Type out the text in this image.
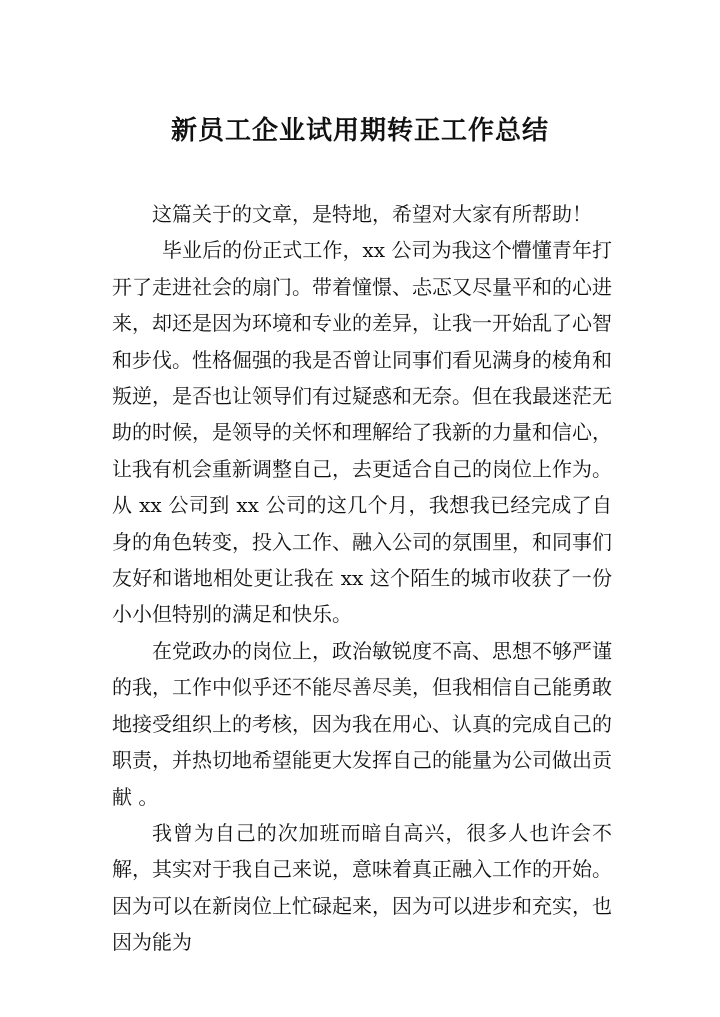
新员工企业试用期转正工作总结

这篇关于的文章，是特地，希望对大家有所帮助！

毕业后的份正式工作，xx 公司为我这个懵懂青年打开了走进社会的扇门。带着憧憬、忐忑又尽量平和的心进来，却还是因为环境和专业的差异，让我一开始乱了心智和步伐。性格倔强的我是否曾让同事们看见满身的棱角和叛逆，是否也让领导们有过疑惑和无奈。但在我最迷茫无助的时候，是领导的关怀和理解给了我新的力量和信心，让我有机会重新调整自己，去更适合自己的岗位上作为。从 xx 公司到 xx 公司的这几个月，我想我已经完成了自身的角色转变，投入工作、融入公司的氛围里，和同事们友好和谐地相处更让我在 xx 这个陌生的城市收获了一份小小但特别的满足和快乐。

在党政办的岗位上，政治敏锐度不高、思想不够严谨的我，工作中似乎还不能尽善尽美，但我相信自己能勇敢地接受组织上的考核，因为我在用心、认真的完成自己的职责，并热切地希望能更大发挥自己的能量为公司做出贡献 。

我曾为自己的次加班而暗自高兴，很多人也许会不解，其实对于我自己来说，意味着真正融入工作的开始。因为可以在新岗位上忙碌起来，因为可以进步和充实，也因为能为
